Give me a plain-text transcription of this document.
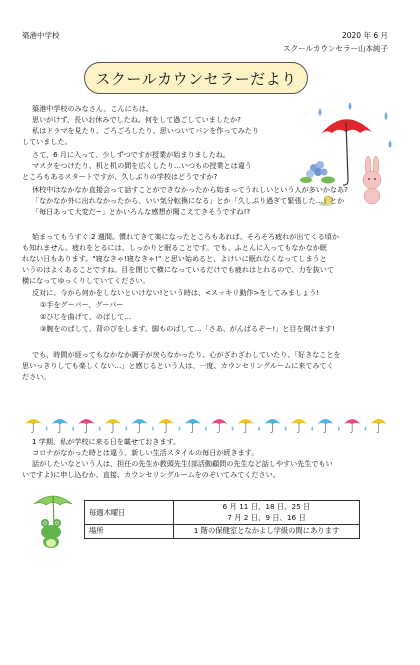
築港中学校	2020 年 6 月
スクールカウンセラー山本純子
スクールカウンセラーだより
築港中学校のみなさん、こんにちは。
思いがけず、長いお休みでしたね。何をして過ごしていましたか?
私はドラマを見たり、ごろごろしたり、思いついてパンを作ってみたり
していました。
さて、6 月に入って、少しずつですが授業が始まりましたね。
マスクをつけたり、机と机の間を広くしたり…いつもの授業とは違う
ところもあるスタートですが、久しぶりの学校はどうですか?
休校中はなかなか直接会って話すことができなかったから始まってうれしいという人が多いかなあ?
「なかなか外に出れなかったから、いい気分転換になる」とか「久しぶり過ぎて緊張した…」とか
「毎日あって大変だ~」とかいろんな感想が聞こえてきそうですね!?
始まってもうすぐ 2 週間。慣れてきて楽になったところもあれば、そろそろ疲れが出てくる頃か
も知れません。疲れをとるには、しっかりと眠ることです。でも、ふとんに入ってもなかなか眠
れない日もあります。"寝なきゃ!寝なきゃ!" と思い始めると、よけいに眠れなくなってしまうと
いうのはよくあることですね。目を閉じて横になっているだけでも疲れはとれるので、力を抜いて
横になってゆっくりしていてください。
反対に、今から何かをしないといけない!という時は、<スッキリ動作>をしてみましょう!
①手をグーパー、グーパー
②ひじを曲げて、のばして…
③腕をのばして、背のびをします。脚ものばして…「さあ、がんばるぞー!」と目を開けます!
でも、時間が経ってもなかなか調子が戻らなかったり、心がざわざわしていたり、「好きなことを
思いっきりしても楽しくない…」と感じるという人は、一度、カウンセリングルームに来てみてく
ださい。
1 学期、私が学校に来る日を載せておきます。
コロナがなかった時とは違う、新しい生活スタイルの毎日が続きます。
話がしたいなという人は、担任の先生か教頭先生(部活動顧問の先生など話しやすい先生でもい
いですよ)に申し込むか、直接、カウンセリングルームをのぞいてみてください。
毎週木曜日	6 月 11 日、18 日、25 日
7 月 2 日、9 日、16 日

場所	1 階の保健室となかよし学級の間にあります
